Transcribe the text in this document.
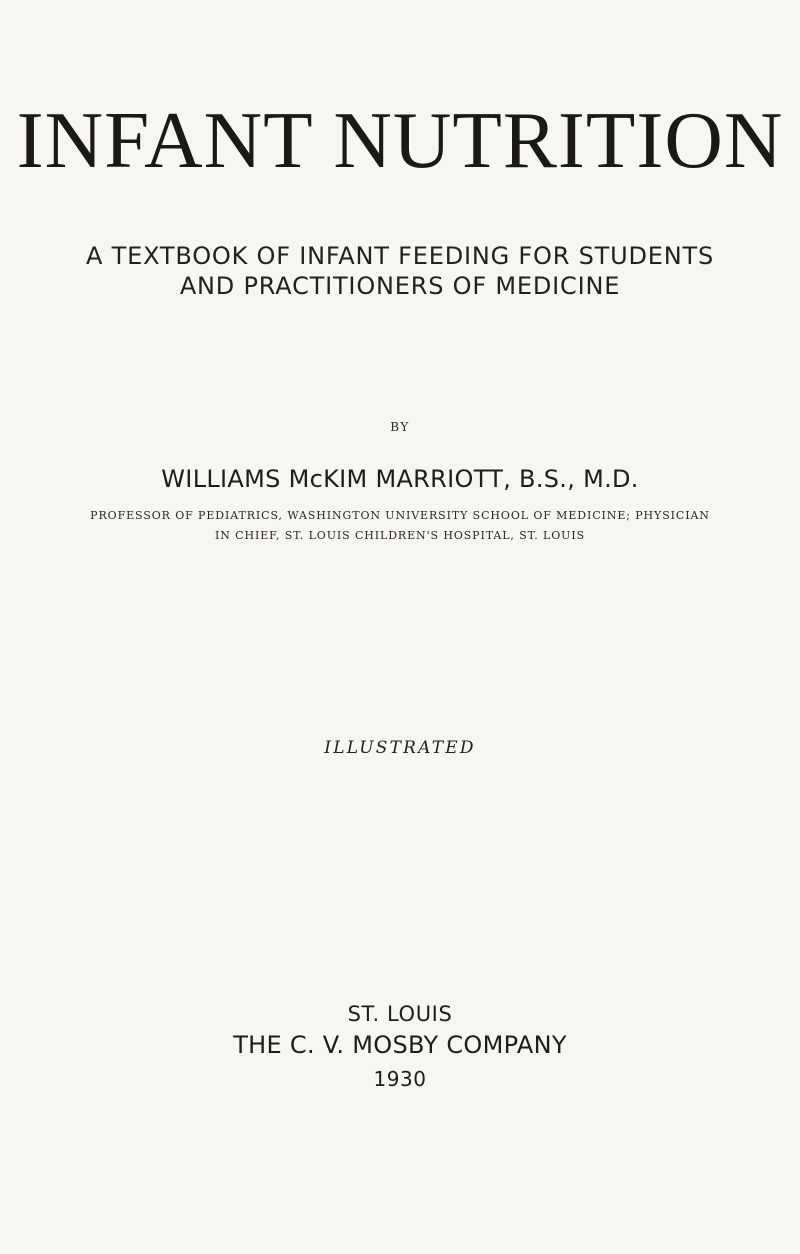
INFANT NUTRITION
A TEXTBOOK OF INFANT FEEDING FOR STUDENTS
AND PRACTITIONERS OF MEDICINE
BY
WILLIAMS McKIM MARRIOTT, B.S., M.D.
PROFESSOR OF PEDIATRICS, WASHINGTON UNIVERSITY SCHOOL OF MEDICINE; PHYSICIAN
IN CHIEF, ST. LOUIS CHILDREN'S HOSPITAL, ST. LOUIS
ILLUSTRATED
ST. LOUIS
THE C. V. MOSBY COMPANY
1930
